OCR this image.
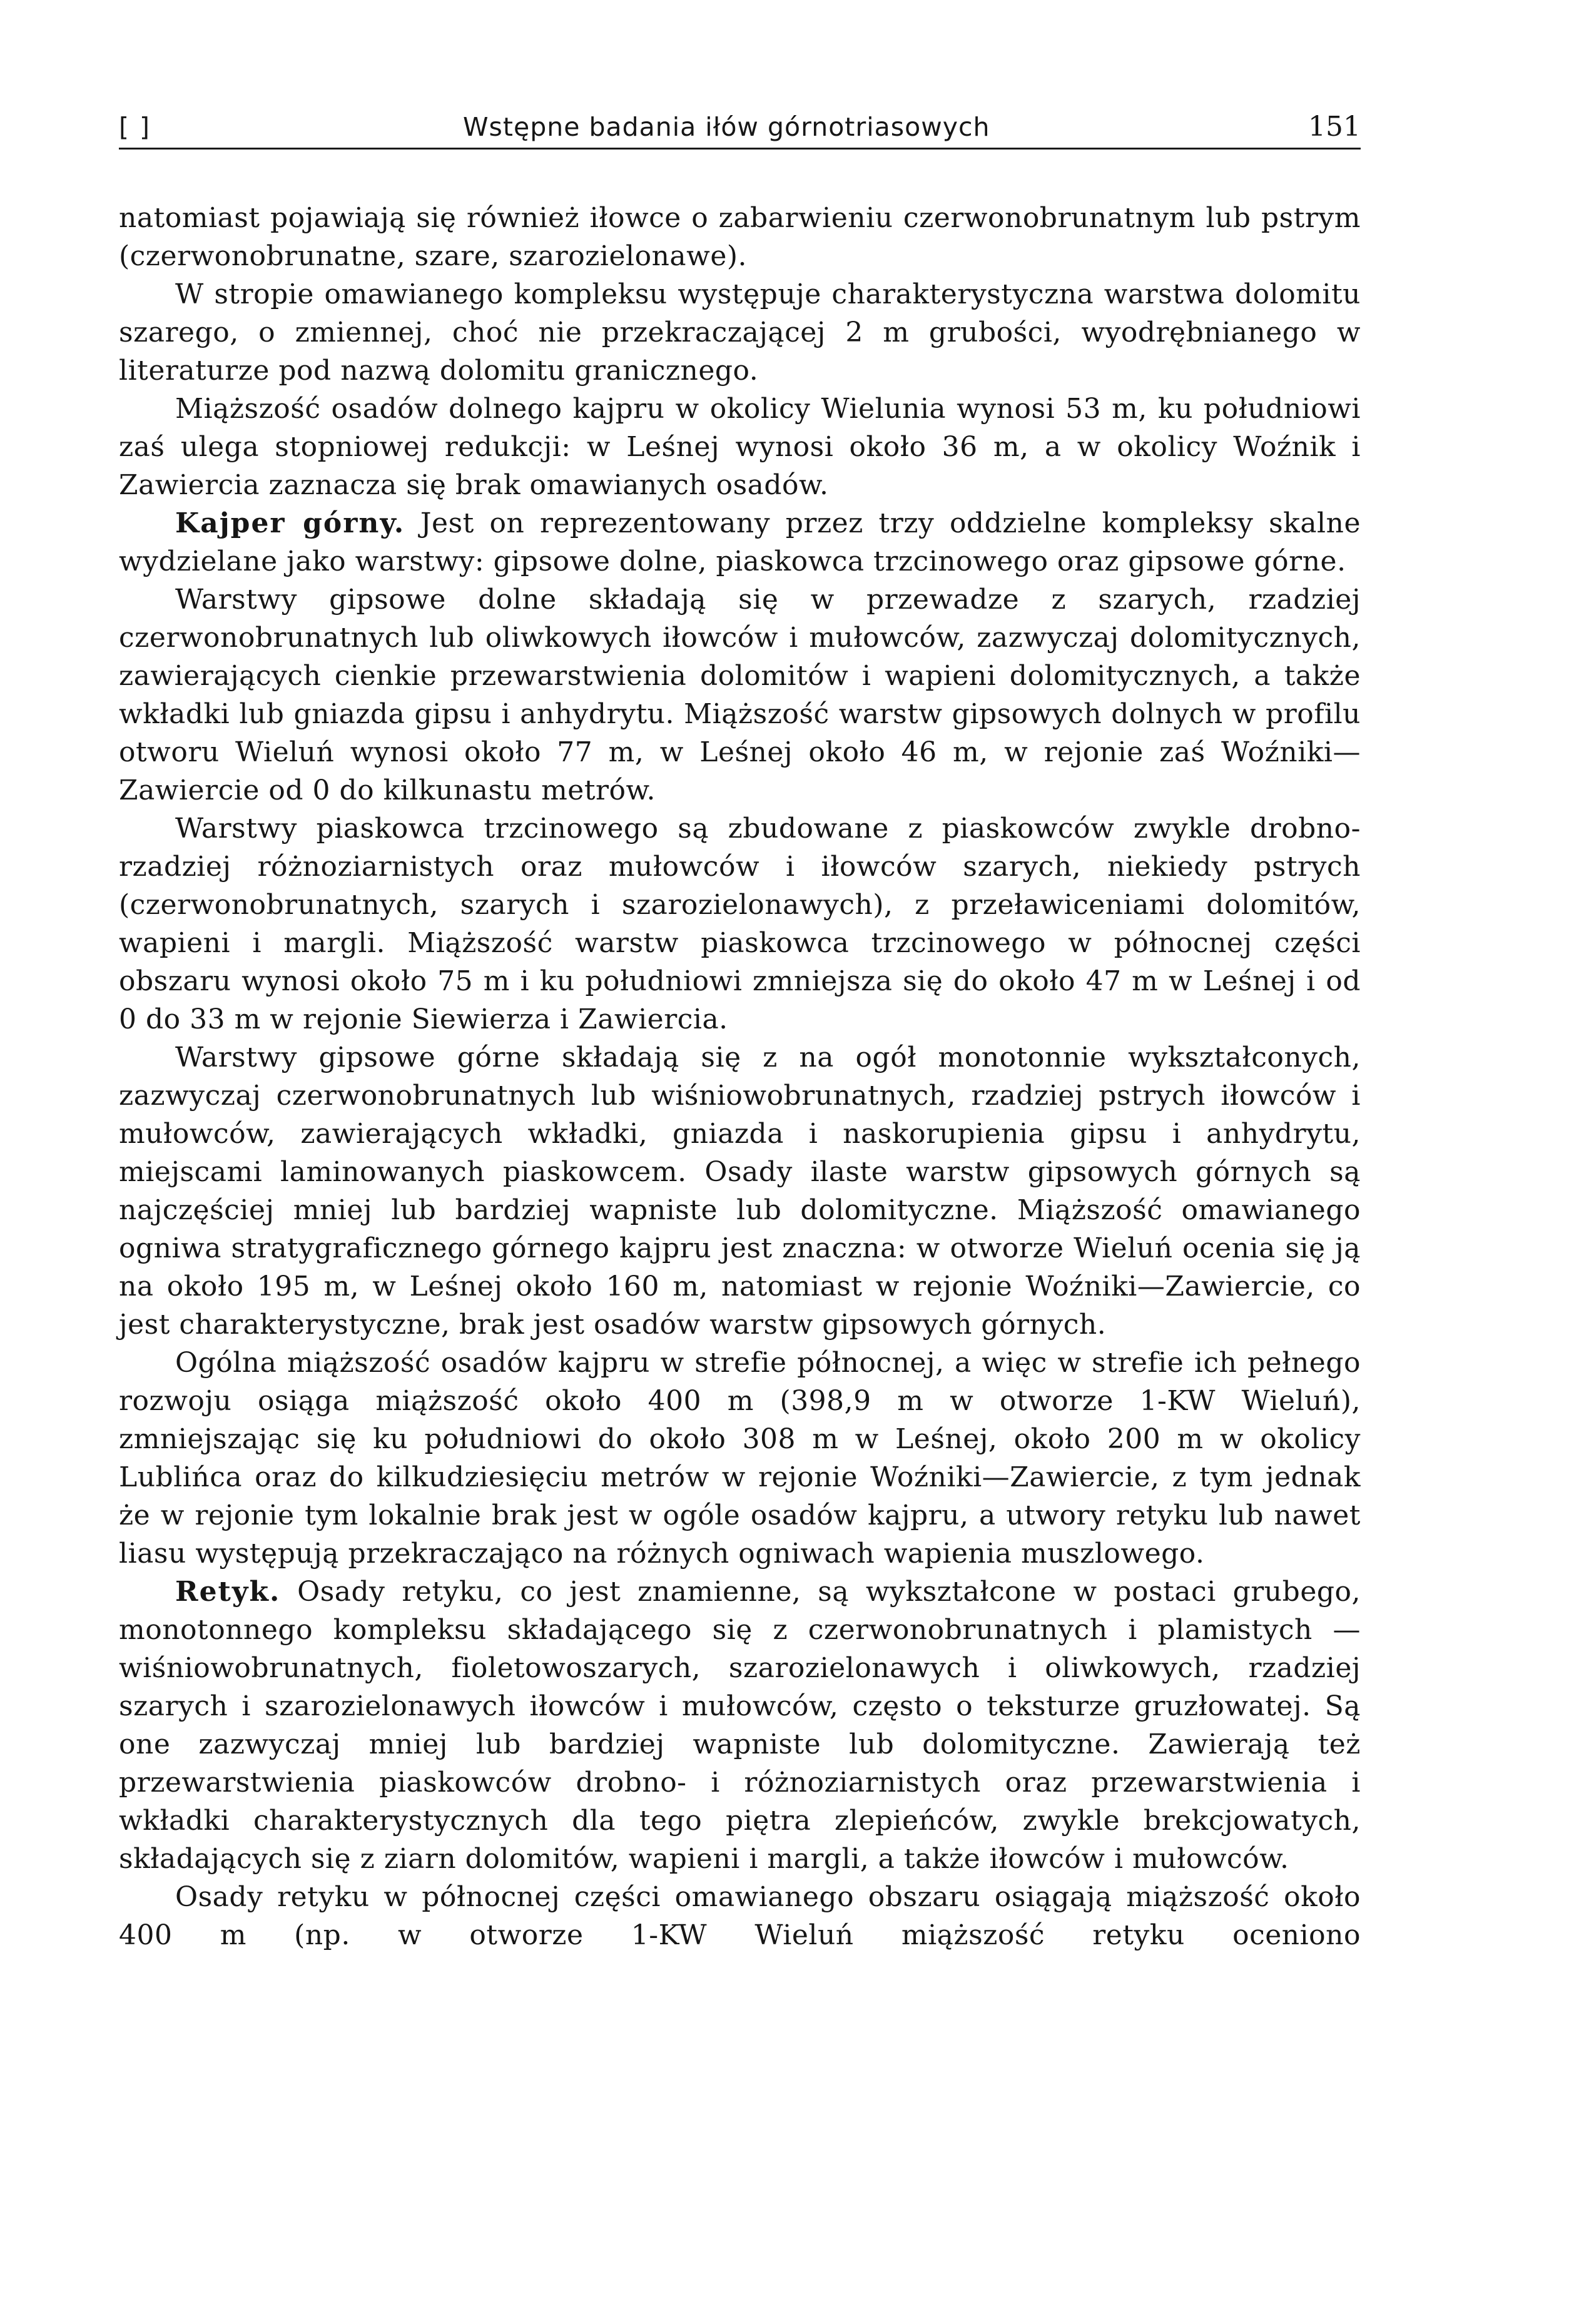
[ ]	Wstępne badania iłów górnotriasowych	151

natomiast pojawiają się również iłowce o zabarwieniu czerwonobrunatnym lub pstrym (czerwonobrunatne, szare, szarozielonawe).

W stropie omawianego kompleksu występuje charakterystyczna warstwa dolomitu szarego, o zmiennej, choć nie przekraczającej 2 m grubości, wyodrębnianego w literaturze pod nazwą dolomitu granicznego.

Miąższość osadów dolnego kajpru w okolicy Wielunia wynosi 53 m, ku południowi zaś ulega stopniowej redukcji: w Leśnej wynosi około 36 m, a w okolicy Woźnik i Zawiercia zaznacza się brak omawianych osadów.

Kajper górny. Jest on reprezentowany przez trzy oddzielne kompleksy skalne wydzielane jako warstwy: gipsowe dolne, piaskowca trzcinowego oraz gipsowe górne.

Warstwy gipsowe dolne składają się w przewadze z szarych, rzadziej czerwonobrunatnych lub oliwkowych iłowców i mułowców, zazwyczaj dolomitycznych, zawierających cienkie przewarstwienia dolomitów i wapieni dolomitycznych, a także wkładki lub gniazda gipsu i anhydrytu. Miąższość warstw gipsowych dolnych w profilu otworu Wieluń wynosi około 77 m, w Leśnej około 46 m, w rejonie zaś Woźniki—Zawiercie od 0 do kilkunastu metrów.

Warstwy piaskowca trzcinowego są zbudowane z piaskowców zwykle drobno- rzadziej różnoziarnistych oraz mułowców i iłowców szarych, niekiedy pstrych (czerwonobrunatnych, szarych i szarozielonawych), z przeławiceniami dolomitów, wapieni i margli. Miąższość warstw piaskowca trzcinowego w północnej części obszaru wynosi około 75 m i ku południowi zmniejsza się do około 47 m w Leśnej i od 0 do 33 m w rejonie Siewierza i Zawiercia.

Warstwy gipsowe górne składają się z na ogół monotonnie wykształconych, zazwyczaj czerwonobrunatnych lub wiśniowobrunatnych, rzadziej pstrych iłowców i mułowców, zawierających wkładki, gniazda i naskorupienia gipsu i anhydrytu, miejscami laminowanych piaskowcem. Osady ilaste warstw gipsowych górnych są najczęściej mniej lub bardziej wapniste lub dolomityczne. Miąższość omawianego ogniwa stratygraficznego górnego kajpru jest znaczna: w otworze Wieluń ocenia się ją na około 195 m, w Leśnej około 160 m, natomiast w rejonie Woźniki—Zawiercie, co jest charakterystyczne, brak jest osadów warstw gipsowych górnych.

Ogólna miąższość osadów kajpru w strefie północnej, a więc w strefie ich pełnego rozwoju osiąga miąższość około 400 m (398,9 m w otworze 1-KW Wieluń), zmniejszając się ku południowi do około 308 m w Leśnej, około 200 m w okolicy Lublińca oraz do kilkudziesięciu metrów w rejonie Woźniki—Zawiercie, z tym jednak że w rejonie tym lokalnie brak jest w ogóle osadów kajpru, a utwory retyku lub nawet liasu występują przekraczająco na różnych ogniwach wapienia muszlowego.

Retyk. Osady retyku, co jest znamienne, są wykształcone w postaci grubego, monotonnego kompleksu składającego się z czerwonobrunatnych i plamistych — wiśniowobrunatnych, fioletowoszarych, szarozielonawych i oliwkowych, rzadziej szarych i szarozielonawych iłowców i mułowców, często o teksturze gruzłowatej. Są one zazwyczaj mniej lub bardziej wapniste lub dolomityczne. Zawierają też przewarstwienia piaskowców drobno- i różnoziarnistych oraz przewarstwienia i wkładki charakterystycznych dla tego piętra zlepieńców, zwykle brekcjowatych, składających się z ziarn dolomitów, wapieni i margli, a także iłowców i mułowców.

Osady retyku w północnej części omawianego obszaru osiągają miąższość około 400 m (np. w otworze 1-KW Wieluń miąższość retyku oceniono
